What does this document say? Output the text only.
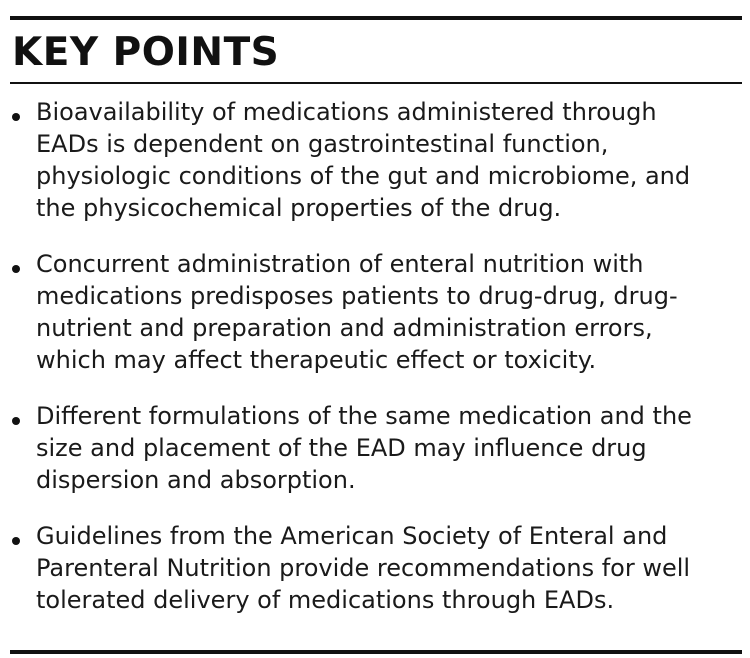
KEY POINTS
Bioavailability of medications administered through
EADs is dependent on gastrointestinal function,
physiologic conditions of the gut and microbiome, and
the physicochemical properties of the drug.
Concurrent administration of enteral nutrition with
medications predisposes patients to drug-drug, drug-
nutrient and preparation and administration errors,
which may affect therapeutic effect or toxicity.
Different formulations of the same medication and the
size and placement of the EAD may influence drug
dispersion and absorption.
Guidelines from the American Society of Enteral and
Parenteral Nutrition provide recommendations for well
tolerated delivery of medications through EADs.
